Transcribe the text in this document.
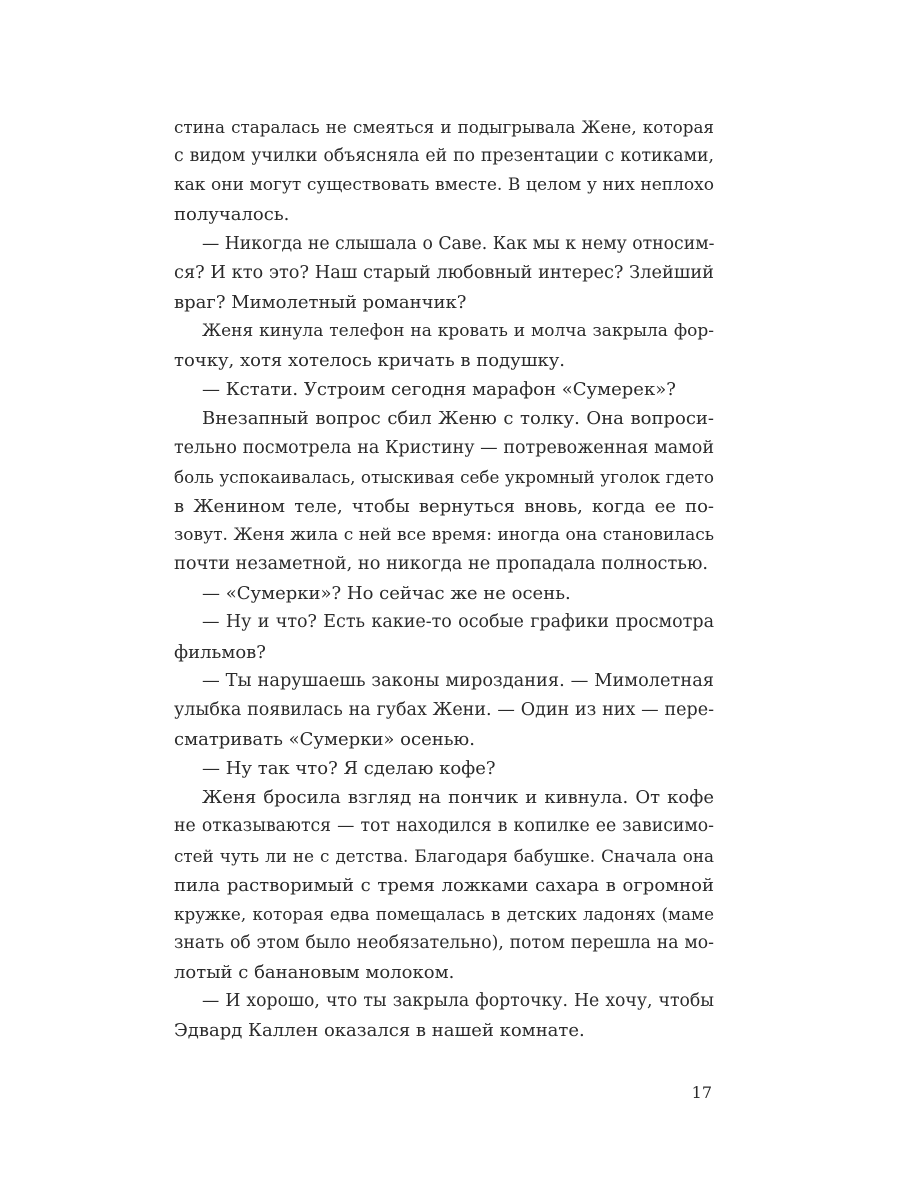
стина старалась не смеяться и подыгрывала Жене, которая
с видом училки объясняла ей по презентации с котиками,
как они могут существовать вместе. В целом у них неплохо
получалось.
— Никогда не слышала о Саве. Как мы к нему относим-
ся? И кто это? Наш старый любовный интерес? Злейший
враг? Мимолетный романчик?
Женя кинула телефон на кровать и молча закрыла фор-
точку, хотя хотелось кричать в подушку.
— Кстати. Устроим сегодня марафон «Сумерек»?
Внезапный вопрос сбил Женю с толку. Она вопроси-
тельно посмотрела на Кристину — потревоженная мамой
боль успокаивалась, отыскивая себе укромный уголок гдето
в Женином теле, чтобы вернуться вновь, когда ее по-
зовут. Женя жила с ней все время: иногда она становилась
почти незаметной, но никогда не пропадала полностью.
— «Сумерки»? Но сейчас же не осень.
— Ну и что? Есть какие-то особые графики просмотра
фильмов?
— Ты нарушаешь законы мироздания. — Мимолетная
улыбка появилась на губах Жени. — Один из них — пере-
сматривать «Сумерки» осенью.
— Ну так что? Я сделаю кофе?
Женя бросила взгляд на пончик и кивнула. От кофе
не отказываются — тот находился в копилке ее зависимо-
стей чуть ли не с детства. Благодаря бабушке. Сначала она
пила растворимый с тремя ложками сахара в огромной
кружке, которая едва помещалась в детских ладонях (маме
знать об этом было необязательно), потом перешла на мо-
лотый с банановым молоком.
— И хорошо, что ты закрыла форточку. Не хочу, чтобы
Эдвард Каллен оказался в нашей комнате.
17
